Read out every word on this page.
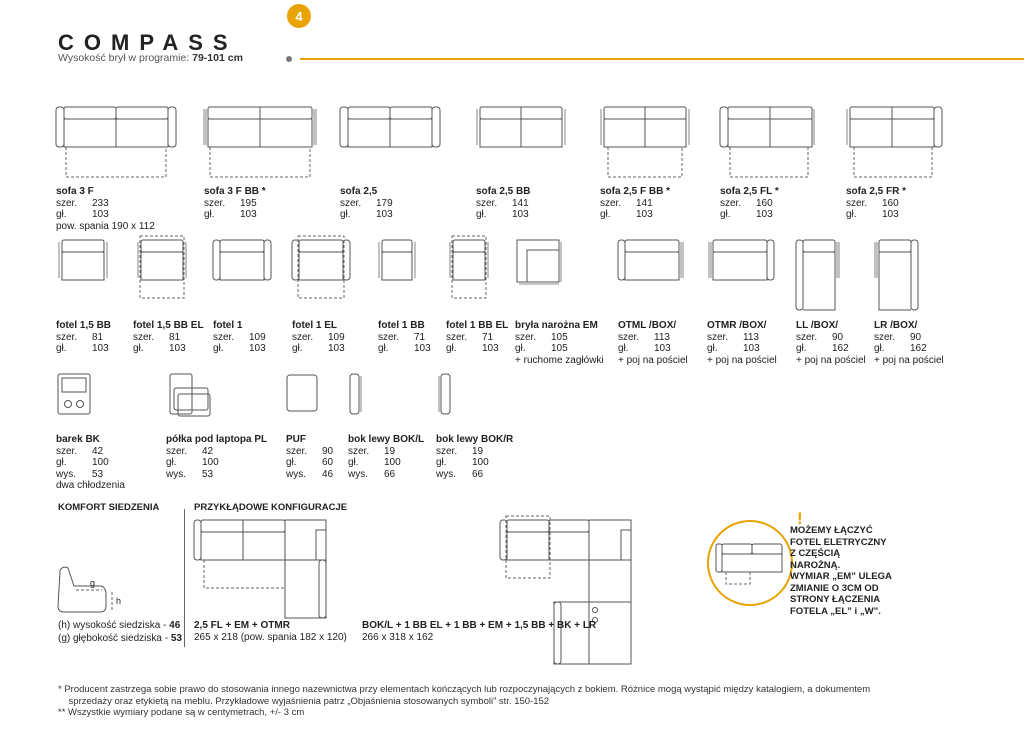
4
COMPASS
Wysokość brył w programie: 79-101 cm
sofa 3 F
szer.	233
gł.	103
pow. spania 190 x 112
sofa 3 F BB *
szer.	195
gł.	103
sofa 2,5
szer.	179
gł.	103
sofa 2,5 BB
szer.	141
gł.	103
sofa 2,5 F BB *
szer.	141
gł.	103
sofa 2,5 FL *
szer.	160
gł.	103
sofa 2,5 FR *
szer.	160
gł.	103
fotel 1,5 BB
szer.	81
gł.	103
fotel 1,5 BB EL
szer.	81
gł.	103
fotel 1
szer.	109
gł.	103
fotel 1 EL
szer.	109
gł.	103
fotel 1 BB
szer.	71
gł.	103
fotel 1 BB EL
szer.	71
gł.	103
bryła narożna EM
szer.	105
gł.	105
+ ruchome zagłówki
OTML /BOX/
szer.	113
gł.	103
+ poj na pościel
OTMR /BOX/
szer.	113
gł.	103
+ poj na pościel
LL /BOX/
szer.	90
gł.	162
+ poj na pościel
LR /BOX/
szer.	90
gł.	162
+ poj na pościel
barek BK
szer.	42
gł.	100
wys.	53
dwa chłodzenia
półka pod laptopa PL
szer.	42
gł.	100
wys.	53
PUF
szer.	90
gł.	60
wys.	46
bok lewy BOK/L
szer.	19
gł.	100
wys.	66
bok lewy BOK/R
szer.	19
gł.	100
wys.	66
KOMFORT SIEDZENIA
g
h
(h) wysokość siedziska - 46
(g) głębokość siedziska - 53
PRZYKŁĄDOWE KONFIGURACJE
2,5 FL + EM + OTMR
265 x 218 (pow. spania 182 x 120)
BOK/L + 1 BB EL + 1 BB + EM + 1,5 BB + BK + LR
266 x 318 x 162
!
MOŻEMY ŁĄCZYĆ
FOTEL ELETRYCZNY
Z CZĘŚCIĄ
NAROŻNĄ.
WYMIAR „EM” ULEGA
ZMIANIE O 3CM OD
STRONY ŁĄCZENIA
FOTELA „EL” i „W”.
* Producent zastrzega sobie prawo do stosowania innego nazewnictwa przy elementach kończących lub rozpoczynających z bokiem. Różnice mogą wystąpić między katalogiem, a dokumentem
sprzedaży oraz etykietą na meblu. Przykładowe wyjaśnienia patrz „Objaśnienia stosowanych symboli” str. 150-152
** Wszystkie wymiary podane są w centymetrach, +/- 3 cm
